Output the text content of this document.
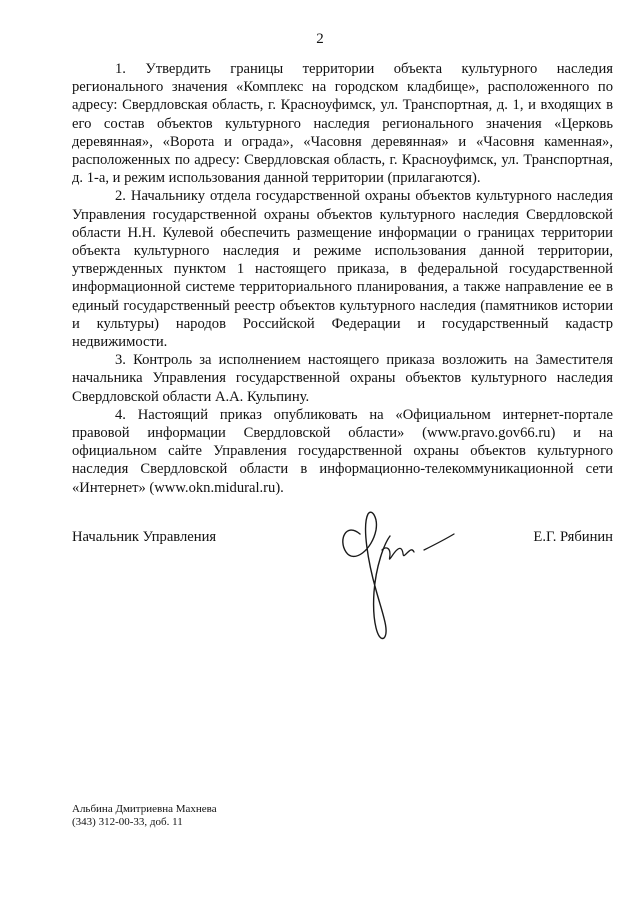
2

1. Утвердить границы территории объекта культурного наследия регионального значения «Комплекс на городском кладбище», расположенного по адресу: Свердловская область, г. Красноуфимск, ул. Транспортная, д. 1, и входящих в его состав объектов культурного наследия регионального значения «Церковь деревянная», «Ворота и ограда», «Часовня деревянная» и «Часовня каменная», расположенных по адресу: Свердловская область, г. Красноуфимск, ул. Транспортная, д. 1-а, и режим использования данной территории (прилагаются).

2. Начальнику отдела государственной охраны объектов культурного наследия Управления государственной охраны объектов культурного наследия Свердловской области Н.Н. Кулевой обеспечить размещение информации о границах территории объекта культурного наследия и режиме использования данной территории, утвержденных пунктом 1 настоящего приказа, в федеральной государственной информационной системе территориального планирования, а также направление ее в единый государственный реестр объектов культурного наследия (памятников истории и культуры) народов Российской Федерации и государственный кадастр недвижимости.

3. Контроль за исполнением настоящего приказа возложить на Заместителя начальника Управления государственной охраны объектов культурного наследия Свердловской области А.А. Кульпину.

4. Настоящий приказ опубликовать на «Официальном интернет-портале правовой информации Свердловской области» (www.pravo.gov66.ru) и на официальном сайте Управления государственной охраны объектов культурного наследия Свердловской области в информационно-телекоммуникационной сети «Интернет» (www.okn.midural.ru).

Начальник Управления	Е.Г. Рябинин
Альбина Дмитриевна Махнева
(343) 312-00-33, доб. 11
